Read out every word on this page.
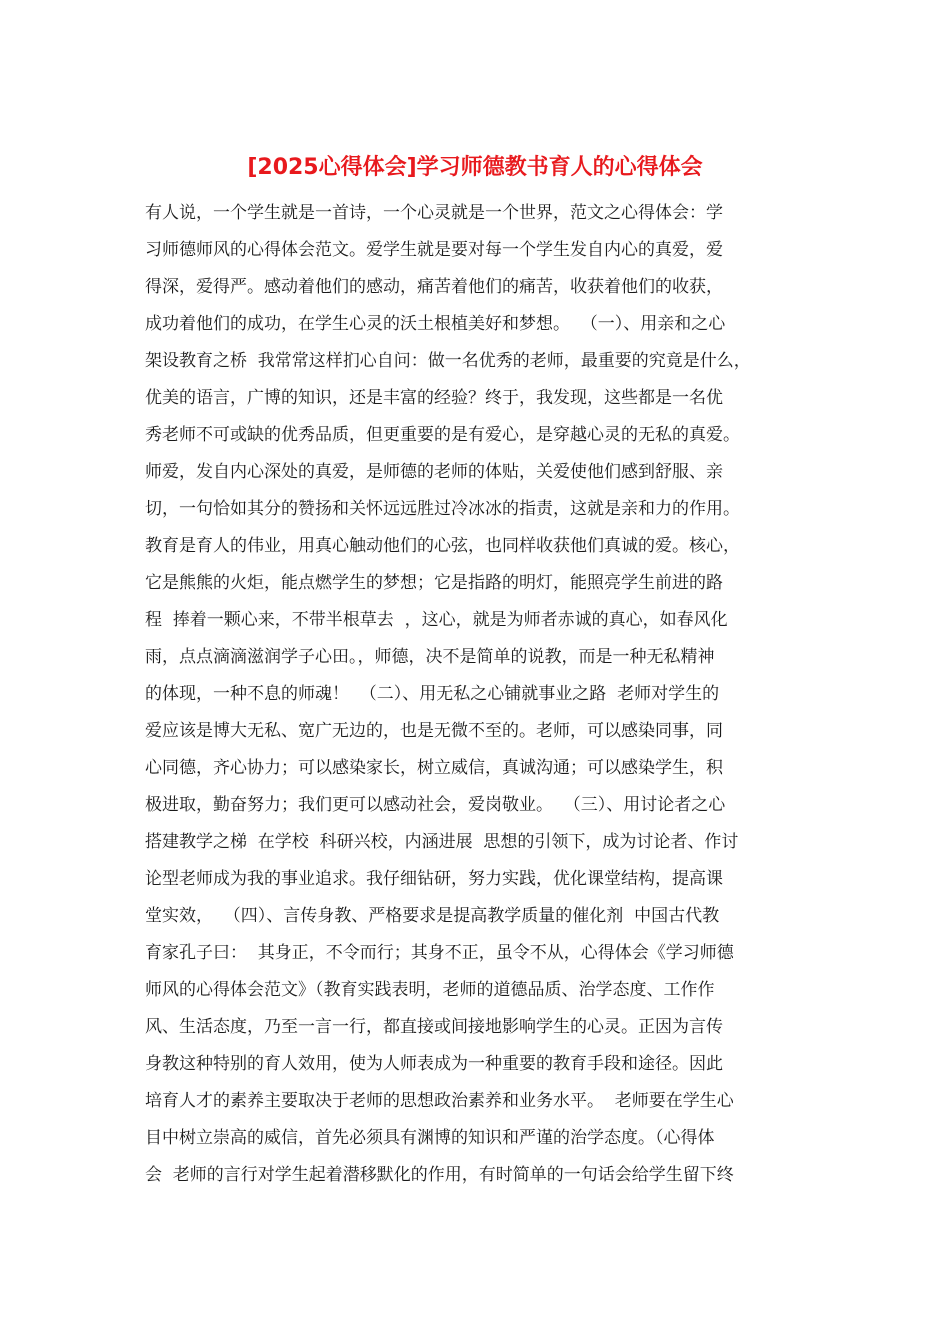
[2025心得体会]学习师德教书育人的心得体会
有人说，一个学生就是一首诗，一个心灵就是一个世界，范文之心得体会：学
习师德师风的心得体会范文。爱学生就是要对每一个学生发自内心的真爱，爱
得深，爱得严。感动着他们的感动，痛苦着他们的痛苦，收获着他们的收获，
成功着他们的成功，在学生心灵的沃土根植美好和梦想。  （一）、用亲和之心
架设教育之桥  我常常这样扪心自问：做一名优秀的老师，最重要的究竟是什么，
优美的语言，广博的知识，还是丰富的经验？终于，我发现，这些都是一名优
秀老师不可或缺的优秀品质，但更重要的是有爱心，是穿越心灵的无私的真爱。
师爱，发自内心深处的真爱，是师德的老师的体贴，关爱使他们感到舒服、亲
切，一句恰如其分的赞扬和关怀远远胜过冷冰冰的指责，这就是亲和力的作用。
教育是育人的伟业，用真心触动他们的心弦，也同样收获他们真诚的爱。核心，
它是熊熊的火炬，能点燃学生的梦想；它是指路的明灯，能照亮学生前进的路
程  捧着一颗心来，不带半根草去  ，这心，就是为师者赤诚的真心，如春风化
雨，点点滴滴滋润学子心田。，师德，决不是简单的说教，而是一种无私精神
的体现，一种不息的师魂！  （二）、用无私之心铺就事业之路  老师对学生的
爱应该是博大无私、宽广无边的，也是无微不至的。老师，可以感染同事，同
心同德，齐心协力；可以感染家长，树立威信，真诚沟通；可以感染学生，积
极进取，勤奋努力；我们更可以感动社会，爱岗敬业。  （三）、用讨论者之心
搭建教学之梯  在学校  科研兴校，内涵进展  思想的引领下，成为讨论者、作讨
论型老师成为我的事业追求。我仔细钻研，努力实践，优化课堂结构，提高课
堂实效，  （四）、言传身教、严格要求是提高教学质量的催化剂  中国古代教
育家孔子曰：  其身正，不令而行；其身不正，虽令不从，心得体会《学习师德
师风的心得体会范文》（教育实践表明，老师的道德品质、治学态度、工作作
风、生活态度，乃至一言一行，都直接或间接地影响学生的心灵。正因为言传
身教这种特别的育人效用，使为人师表成为一种重要的教育手段和途径。因此
培育人才的素养主要取决于老师的思想政治素养和业务水平。  老师要在学生心
目中树立崇高的威信，首先必须具有渊博的知识和严谨的治学态度。（心得体
会  老师的言行对学生起着潜移默化的作用，有时简单的一句话会给学生留下终
